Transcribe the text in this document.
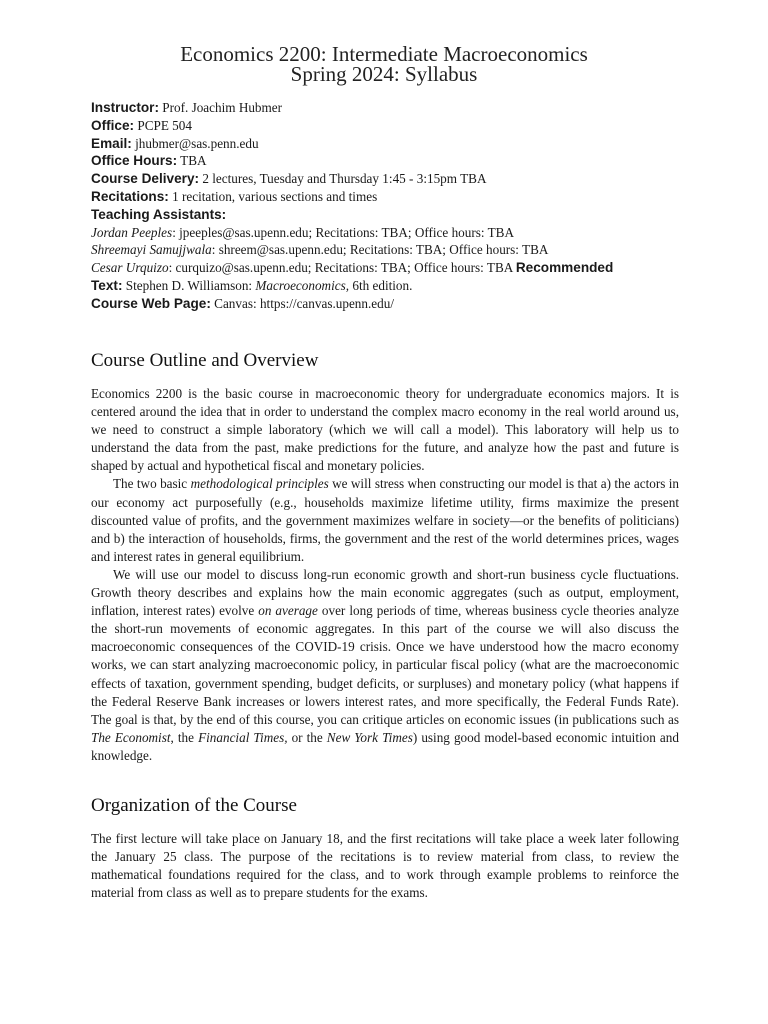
Economics 2200: Intermediate Macroeconomics
Spring 2024: Syllabus
Instructor: Prof. Joachim Hubmer
Office: PCPE 504
Email: jhubmer@sas.penn.edu
Office Hours: TBA
Course Delivery: 2 lectures, Tuesday and Thursday 1:45 - 3:15pm TBA
Recitations: 1 recitation, various sections and times
Teaching Assistants:
Jordan Peeples: jpeeples@sas.upenn.edu; Recitations: TBA; Office hours: TBA
Shreemayi Samujjwala: shreem@sas.upenn.edu; Recitations: TBA; Office hours: TBA
Cesar Urquizo: curquizo@sas.upenn.edu; Recitations: TBA; Office hours: TBA Recommended
Text: Stephen D. Williamson: Macroeconomics, 6th edition.
Course Web Page: Canvas: https://canvas.upenn.edu/
Course Outline and Overview

Economics 2200 is the basic course in macroeconomic theory for undergraduate economics majors. It is centered around the idea that in order to understand the complex macro economy in the real world around us, we need to construct a simple laboratory (which we will call a model). This laboratory will help us to understand the data from the past, make predictions for the future, and analyze how the past and future is shaped by actual and hypothetical fiscal and monetary policies.

The two basic methodological principles we will stress when constructing our model is that a) the actors in our economy act purposefully (e.g., households maximize lifetime utility, firms maximize the present discounted value of profits, and the government maximizes welfare in society—or the benefits of politicians) and b) the interaction of households, firms, the government and the rest of the world determines prices, wages and interest rates in general equilibrium.

We will use our model to discuss long-run economic growth and short-run business cycle fluctuations. Growth theory describes and explains how the main economic aggregates (such as output, employment, inflation, interest rates) evolve on average over long periods of time, whereas business cycle theories analyze the short-run movements of economic aggregates. In this part of the course we will also discuss the macroeconomic consequences of the COVID-19 crisis. Once we have understood how the macro economy works, we can start analyzing macroeconomic policy, in particular fiscal policy (what are the macroeconomic effects of taxation, government spending, budget deficits, or surpluses) and monetary policy (what happens if the Federal Reserve Bank increases or lowers interest rates, and more specifically, the Federal Funds Rate). The goal is that, by the end of this course, you can critique articles on economic issues (in publications such as The Economist, the Financial Times, or the New York Times) using good model-based economic intuition and knowledge.

Organization of the Course

The first lecture will take place on January 18, and the first recitations will take place a week later following the January 25 class. The purpose of the recitations is to review material from class, to review the mathematical foundations required for the class, and to work through example problems to reinforce the material from class as well as to prepare students for the exams.
